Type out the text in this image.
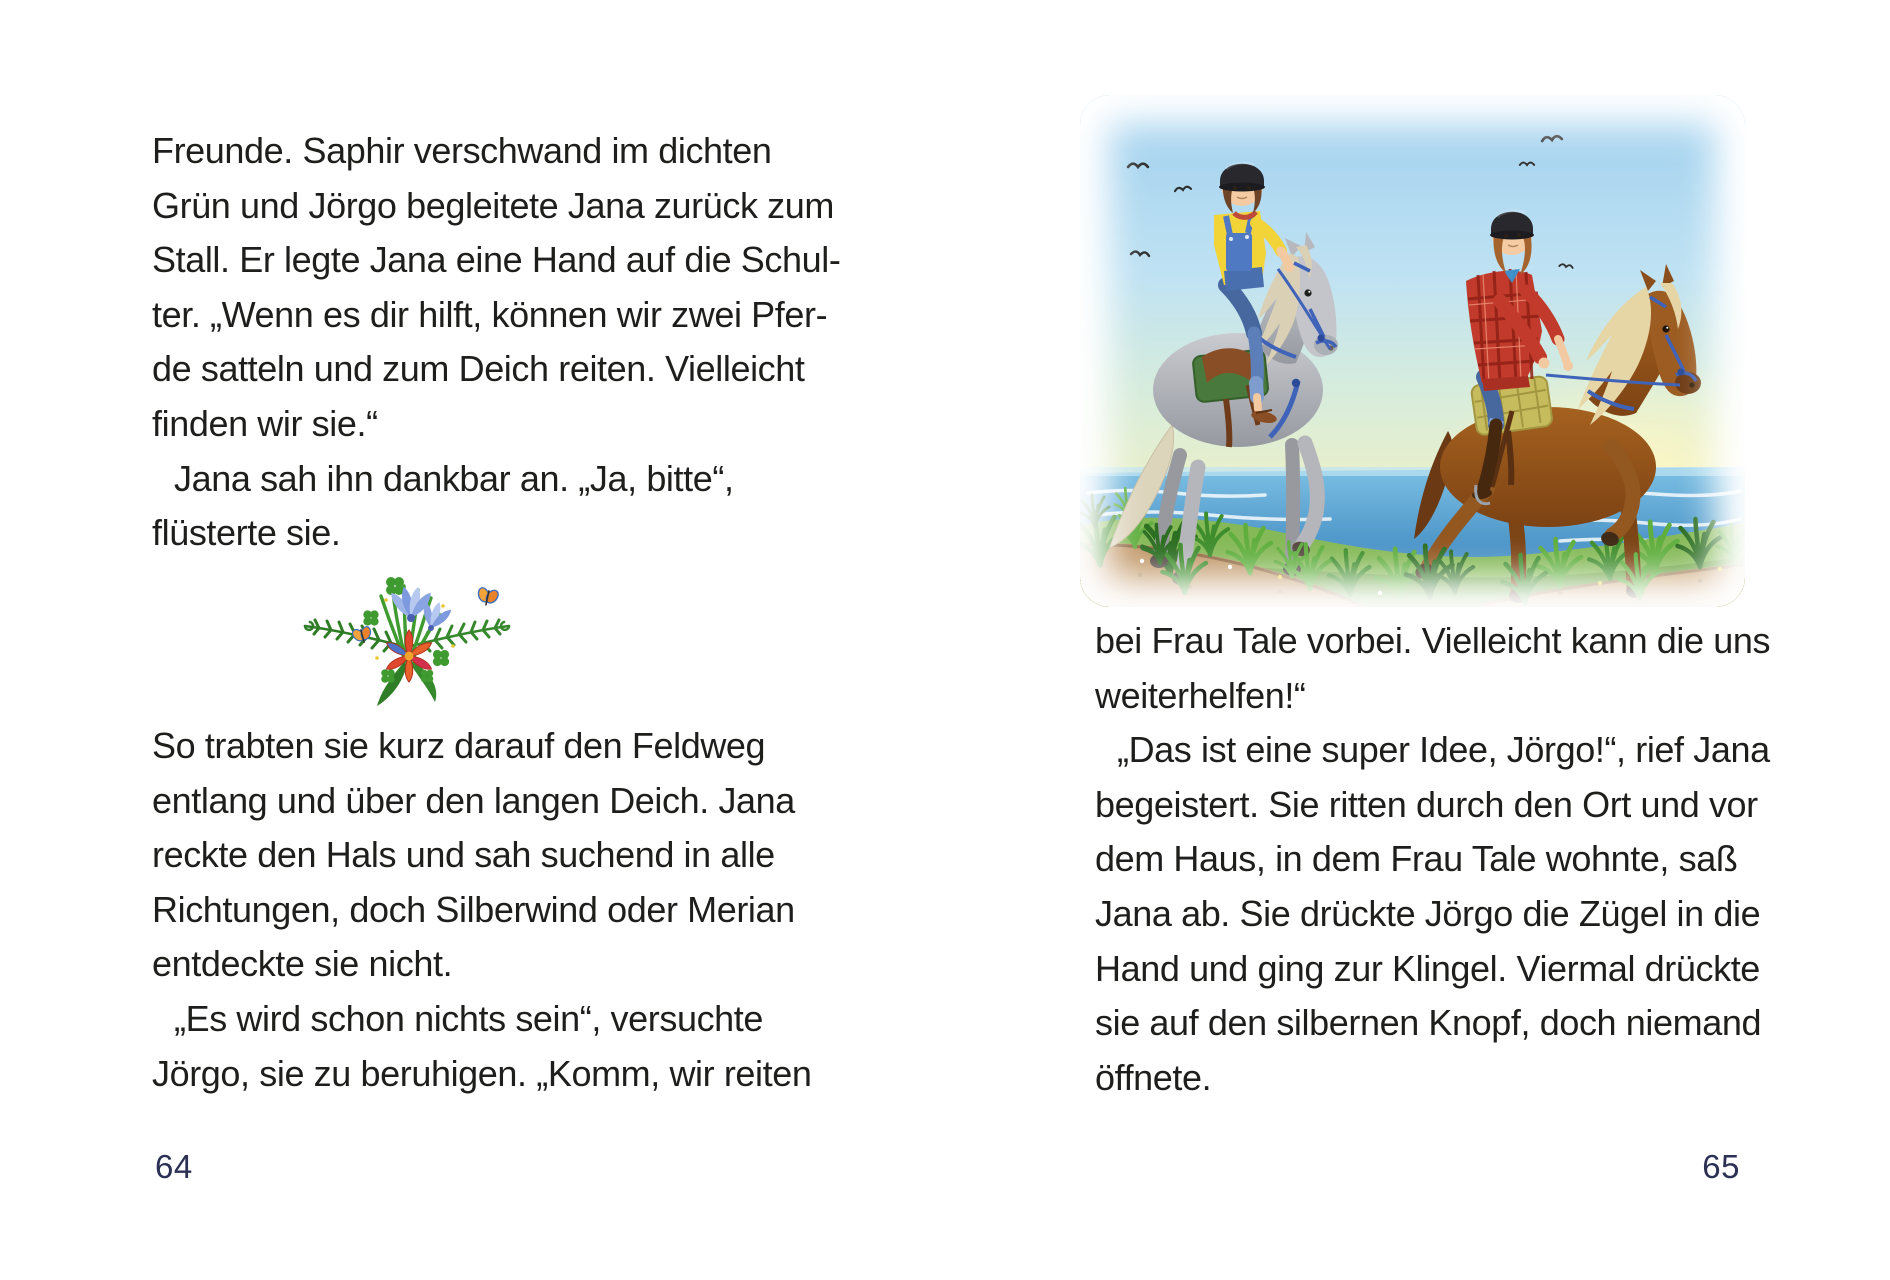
Freunde. Saphir verschwand im dichten
Grün und Jörgo begleitete Jana zurück zum
Stall. Er legte Jana eine Hand auf die Schul-
ter. „Wenn es dir hilft, können wir zwei Pfer-
de satteln und zum Deich reiten. Vielleicht
finden wir sie.“
Jana sah ihn dankbar an. „Ja, bitte“,
flüsterte sie.
So trabten sie kurz darauf den Feldweg
entlang und über den langen Deich. Jana
reckte den Hals und sah suchend in alle
Richtungen, doch Silberwind oder Merian
entdeckte sie nicht.
„Es wird schon nichts sein“, versuchte
Jörgo, sie zu beruhigen. „Komm, wir reiten
64
bei Frau Tale vorbei. Vielleicht kann die uns
weiterhelfen!“
„Das ist eine super Idee, Jörgo!“, rief Jana
begeistert. Sie ritten durch den Ort und vor
dem Haus, in dem Frau Tale wohnte, saß
Jana ab. Sie drückte Jörgo die Zügel in die
Hand und ging zur Klingel. Viermal drückte
sie auf den silbernen Knopf, doch niemand
öffnete.
65
